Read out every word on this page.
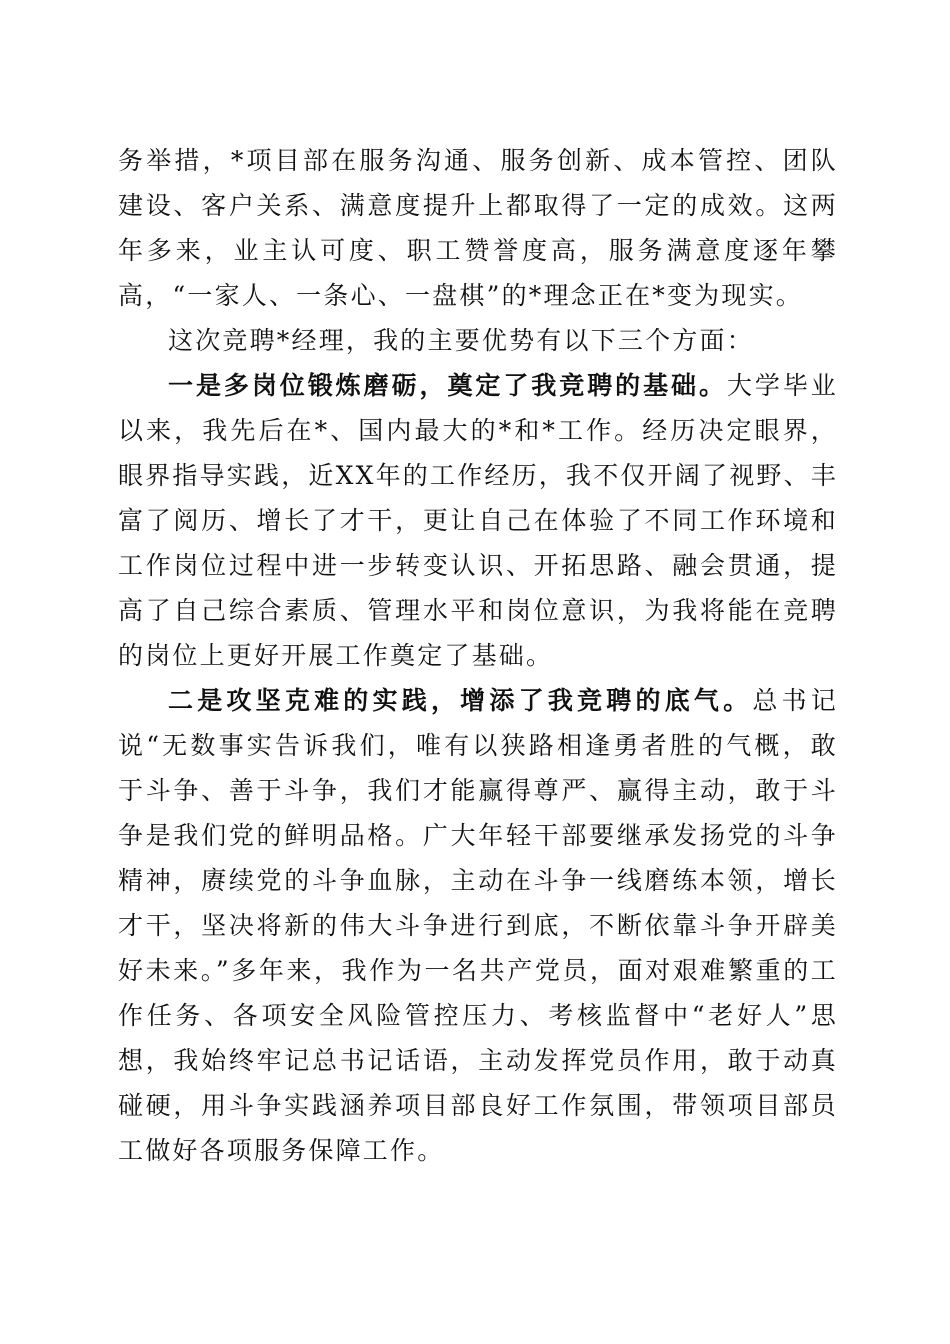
务举措，*项目部在服务沟通、服务创新、成本管控、团队建设、客户关系、满意度提升上都取得了一定的成效。这两年多来，业主认可度、职工赞誉度高，服务满意度逐年攀高，“一家人、一条心、一盘棋”的*理念正在*变为现实。

这次竞聘*经理，我的主要优势有以下三个方面：

一是多岗位锻炼磨砺，奠定了我竞聘的基础。大学毕业以来，我先后在*、国内最大的*和*工作。经历决定眼界，眼界指导实践，近XX年的工作经历，我不仅开阔了视野、丰富了阅历、增长了才干，更让自己在体验了不同工作环境和工作岗位过程中进一步转变认识、开拓思路、融会贯通，提高了自己综合素质、管理水平和岗位意识，为我将能在竞聘的岗位上更好开展工作奠定了基础。

二是攻坚克难的实践，增添了我竞聘的底气。总书记说“无数事实告诉我们，唯有以狭路相逢勇者胜的气概，敢于斗争、善于斗争，我们才能赢得尊严、赢得主动，敢于斗争是我们党的鲜明品格。广大年轻干部要继承发扬党的斗争精神，赓续党的斗争血脉，主动在斗争一线磨练本领，增长才干，坚决将新的伟大斗争进行到底，不断依靠斗争开辟美好未来。”多年来，我作为一名共产党员，面对艰难繁重的工作任务、各项安全风险管控压力、考核监督中“老好人”思想，我始终牢记总书记话语，主动发挥党员作用，敢于动真碰硬，用斗争实践涵养项目部良好工作氛围，带领项目部员工做好各项服务保障工作。
